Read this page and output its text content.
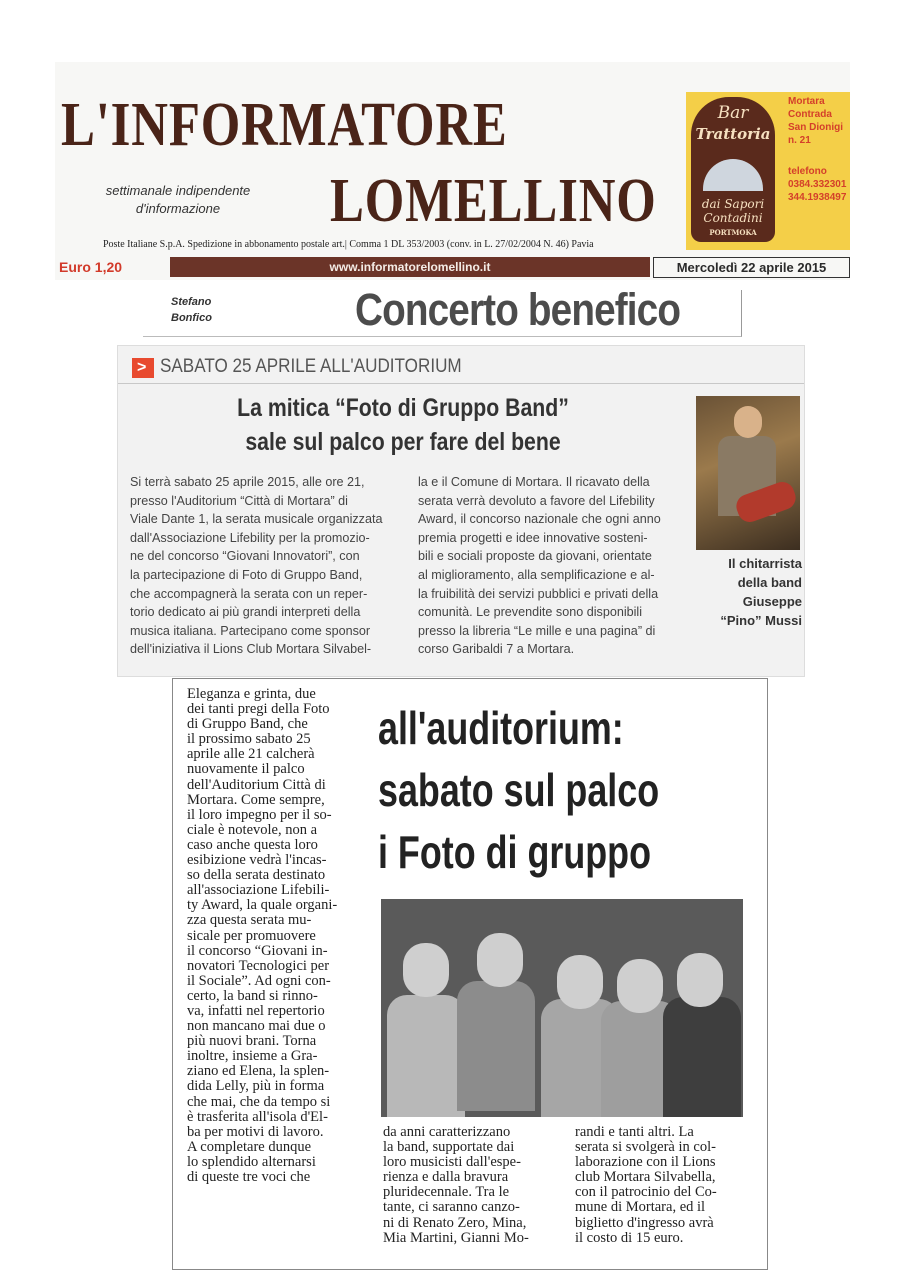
L'INFORMATORE
LOMELLINO
settimanale indipendente
d'informazione
Poste Italiane S.p.A. Spedizione in abbonamento postale art.| Comma 1 DL 353/2003 (conv. in L. 27/02/2004 N. 46) Pavia
Bar
Trattoria
dai Sapori
Contadini
PORTMOKA
Mortara
Contrada
San Dionigi
n. 21
telefono
0384.332301
344.1938497
Euro 1,20	www.informatorelomellino.it	Mercoledì 22 aprile 2015
Stefano
Bonfico	Concerto benefico
> SABATO 25 APRILE ALL'AUDITORIUM
La mitica “Foto di Gruppo Band”
sale sul palco per fare del bene
Si terrà sabato 25 aprile 2015, alle ore 21,
presso l'Auditorium “Città di Mortara” di
Viale Dante 1, la serata musicale organizzata
dall'Associazione Lifebility per la promozio-
ne del concorso “Giovani Innovatori”, con
la partecipazione di Foto di Gruppo Band,
che accompagnerà la serata con un reper-
torio dedicato ai più grandi interpreti della
musica italiana. Partecipano come sponsor
dell'iniziativa il Lions Club Mortara Silvabel-
la e il Comune di Mortara. Il ricavato della
serata verrà devoluto a favore del Lifebility
Award, il concorso nazionale che ogni anno
premia progetti e idee innovative sosteni-
bili e sociali proposte da giovani, orientate
al miglioramento, alla semplificazione e al-
la fruibilità dei servizi pubblici e privati della
comunità. Le prevendite sono disponibili
presso la libreria “Le mille e una pagina” di
corso Garibaldi 7 a Mortara.
Il chitarrista
della band
Giuseppe
“Pino” Mussi
Eleganza e grinta, due
dei tanti pregi della Foto
di Gruppo Band, che
il prossimo sabato 25
aprile alle 21 calcherà
nuovamente il palco
dell'Auditorium Città di
Mortara. Come sempre,
il loro impegno per il so-
ciale è notevole, non a
caso anche questa loro
esibizione vedrà l'incas-
so della serata destinato
all'associazione Lifebili-
ty Award, la quale organi-
zza questa serata mu-
sicale per promuovere
il concorso “Giovani in-
novatori Tecnologici per
il Sociale”. Ad ogni con-
certo, la band si rinno-
va, infatti nel repertorio
non mancano mai due o
più nuovi brani. Torna
inoltre, insieme a Gra-
ziano ed Elena, la splen-
dida Lelly, più in forma
che mai, che da tempo si
è trasferita all'isola d'El-
ba per motivi di lavoro.
A completare dunque
lo splendido alternarsi
di queste tre voci che
all'auditorium:
sabato sul palco
i Foto di gruppo
da anni caratterizzano
la band, supportate dai
loro musicisti dall'espe-
rienza e dalla bravura
pluridecennale. Tra le
tante, ci saranno canzo-
ni di Renato Zero, Mina,
Mia Martini, Gianni Mo-
randi e tanti altri. La
serata si svolgerà in col-
laborazione con il Lions
club Mortara Silvabella,
con il patrocinio del Co-
mune di Mortara, ed il
biglietto d'ingresso avrà
il costo di 15 euro.
